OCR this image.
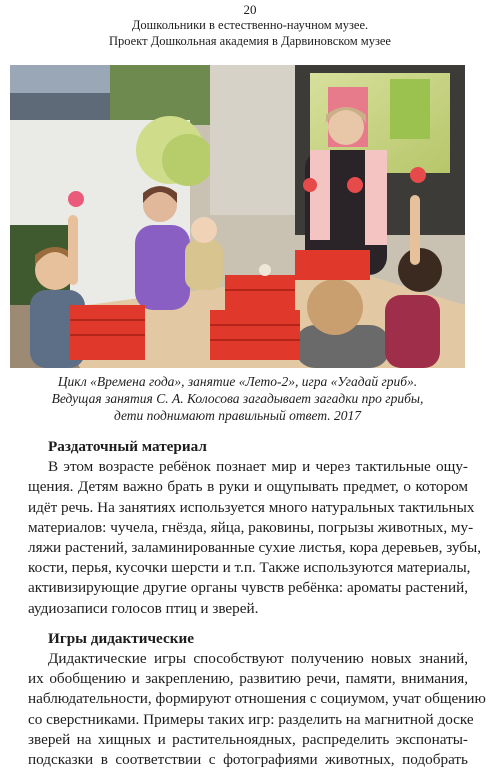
20
Дошкольники в естественно-научном музее.
Проект Дошкольная академия в Дарвиновском музее
Цикл «Времена года», занятие «Лето-2», игра «Угадай гриб».
Ведущая занятия С. А. Колосова загадывает загадки про грибы,
дети поднимают правильный ответ. 2017
Раздаточный материал
В этом возрасте ребёнок познает мир и через тактильные ощу-
щения. Детям важно брать в руки и ощупывать предмет, о котором
идёт речь. На занятиях используется много натуральных тактильных
материалов: чучела, гнёзда, яйца, раковины, погрызы животных, му-
ляжи растений, заламинированные сухие листья, кора деревьев, зубы,
кости, перья, кусочки шерсти и т.п. Также используются материалы,
активизирующие другие органы чувств ребёнка: ароматы растений,
аудиозаписи голосов птиц и зверей.
Игры дидактические
Дидактические игры способствуют получению новых знаний,
их обобщению и закреплению, развитию речи, памяти, внимания,
наблюдательности, формируют отношения с социумом, учат общению
со сверстниками. Примеры таких игр: разделить на магнитной доске
зверей на хищных и растительноядных, распределить экспонаты-
подсказки в соответствии с фотографиями животных, подобрать
